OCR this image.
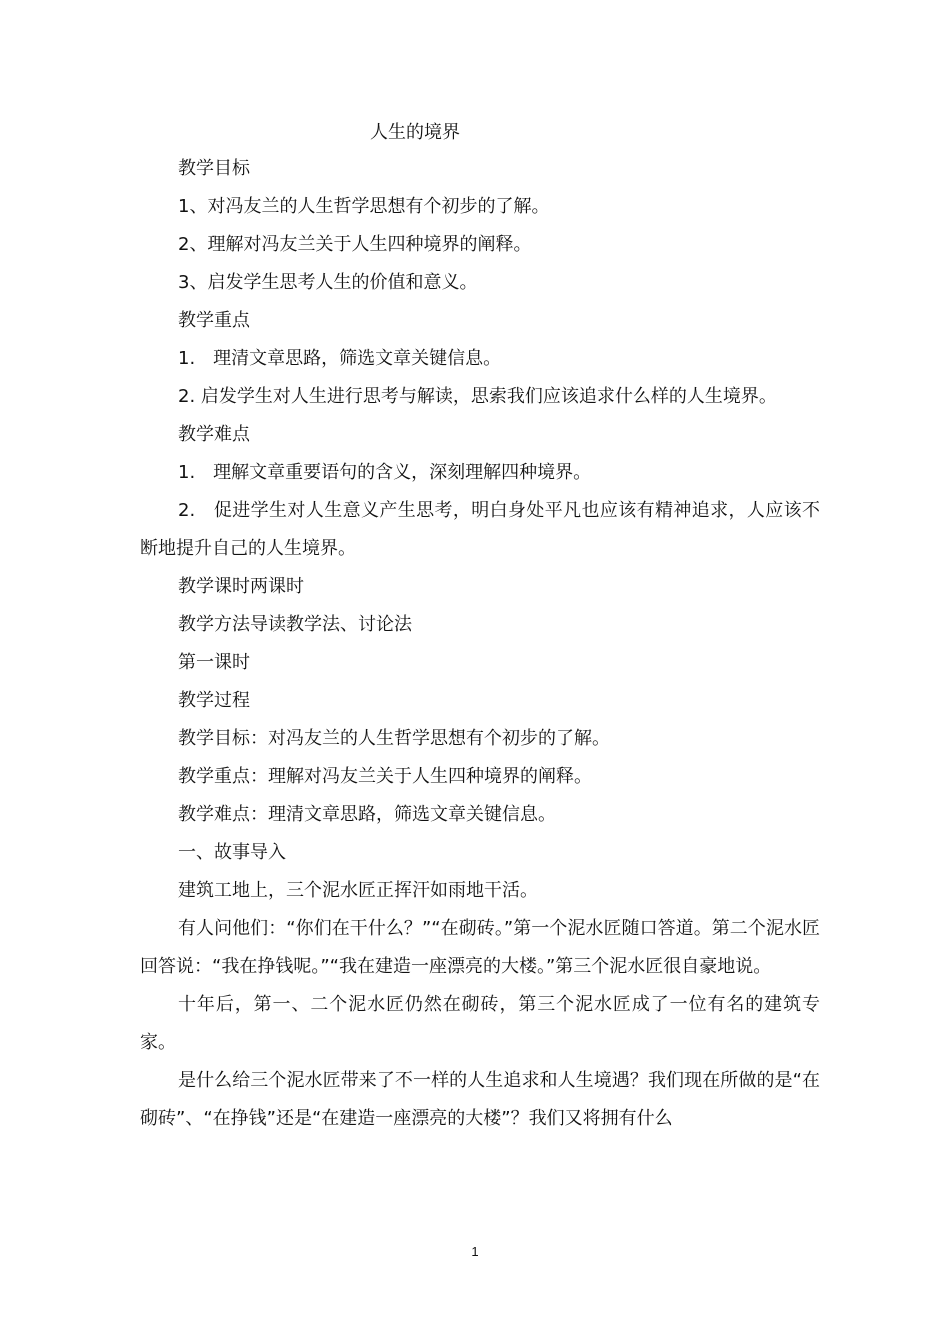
人生的境界

教学目标

1、对冯友兰的人生哲学思想有个初步的了解。

2、理解对冯友兰关于人生四种境界的阐释。

3、启发学生思考人生的价值和意义。

教学重点

1.　理清文章思路，筛选文章关键信息。

2. 启发学生对人生进行思考与解读，思索我们应该追求什么样的人生境界。

教学难点

1.　理解文章重要语句的含义，深刻理解四种境界。

2.　促进学生对人生意义产生思考，明白身处平凡也应该有精神追求，人应该不断地提升自己的人生境界。

教学课时两课时

教学方法导读教学法、讨论法

第一课时

教学过程

教学目标：对冯友兰的人生哲学思想有个初步的了解。

教学重点：理解对冯友兰关于人生四种境界的阐释。

教学难点：理清文章思路，筛选文章关键信息。

一、故事导入

建筑工地上，三个泥水匠正挥汗如雨地干活。

有人问他们：“你们在干什么？”“在砌砖。”第一个泥水匠随口答道。第二个泥水匠回答说：“我在挣钱呢。”“我在建造一座漂亮的大楼。”第三个泥水匠很自豪地说。

十年后，第一、二个泥水匠仍然在砌砖，第三个泥水匠成了一位有名的建筑专家。

是什么给三个泥水匠带来了不一样的人生追求和人生境遇？我们现在所做的是“在砌砖”、“在挣钱”还是“在建造一座漂亮的大楼”？我们又将拥有什么

1
